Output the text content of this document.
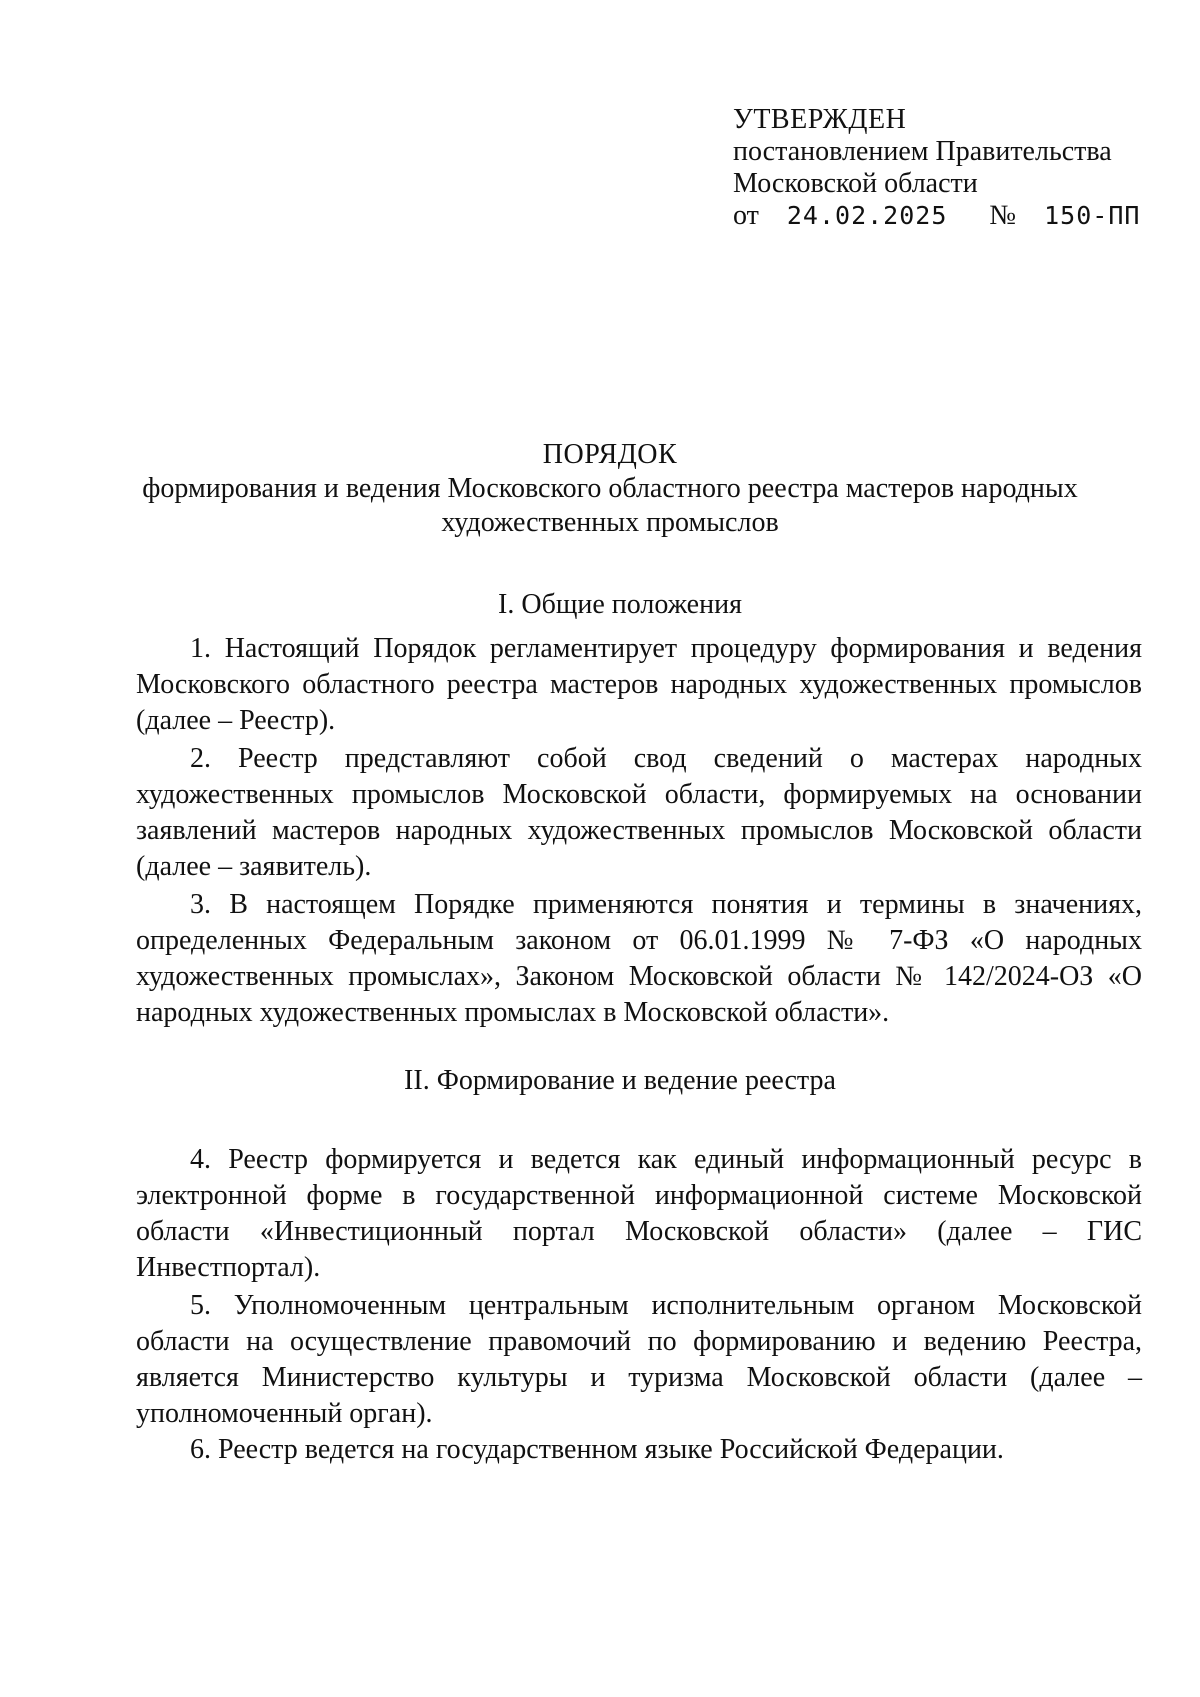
УТВЕРЖДЕН
постановлением Правительства
Московской области
от 24.02.2025 № 150-ПП
ПОРЯДОК
формирования и ведения Московского областного реестра мастеров народных художественных промыслов
I. Общие положения

1. Настоящий Порядок регламентирует процедуру формирования и ведения Московского областного реестра мастеров народных художественных промыслов (далее – Реестр).

2. Реестр представляют собой свод сведений о мастерах народных художественных промыслов Московской области, формируемых на основании заявлений мастеров народных художественных промыслов Московской области (далее – заявитель).

3. В настоящем Порядке применяются понятия и термины в значениях, определенных Федеральным законом от 06.01.1999 № 7-ФЗ «О народных художественных промыслах», Законом Московской области № 142/2024-ОЗ «О народных художественных промыслах в Московской области».

II. Формирование и ведение реестра

4. Реестр формируется и ведется как единый информационный ресурс в электронной форме в государственной информационной системе Московской области «Инвестиционный портал Московской области» (далее – ГИС Инвестпортал).

5. Уполномоченным центральным исполнительным органом Московской области на осуществление правомочий по формированию и ведению Реестра, является Министерство культуры и туризма Московской области (далее – уполномоченный орган).

6. Реестр ведется на государственном языке Российской Федерации.
